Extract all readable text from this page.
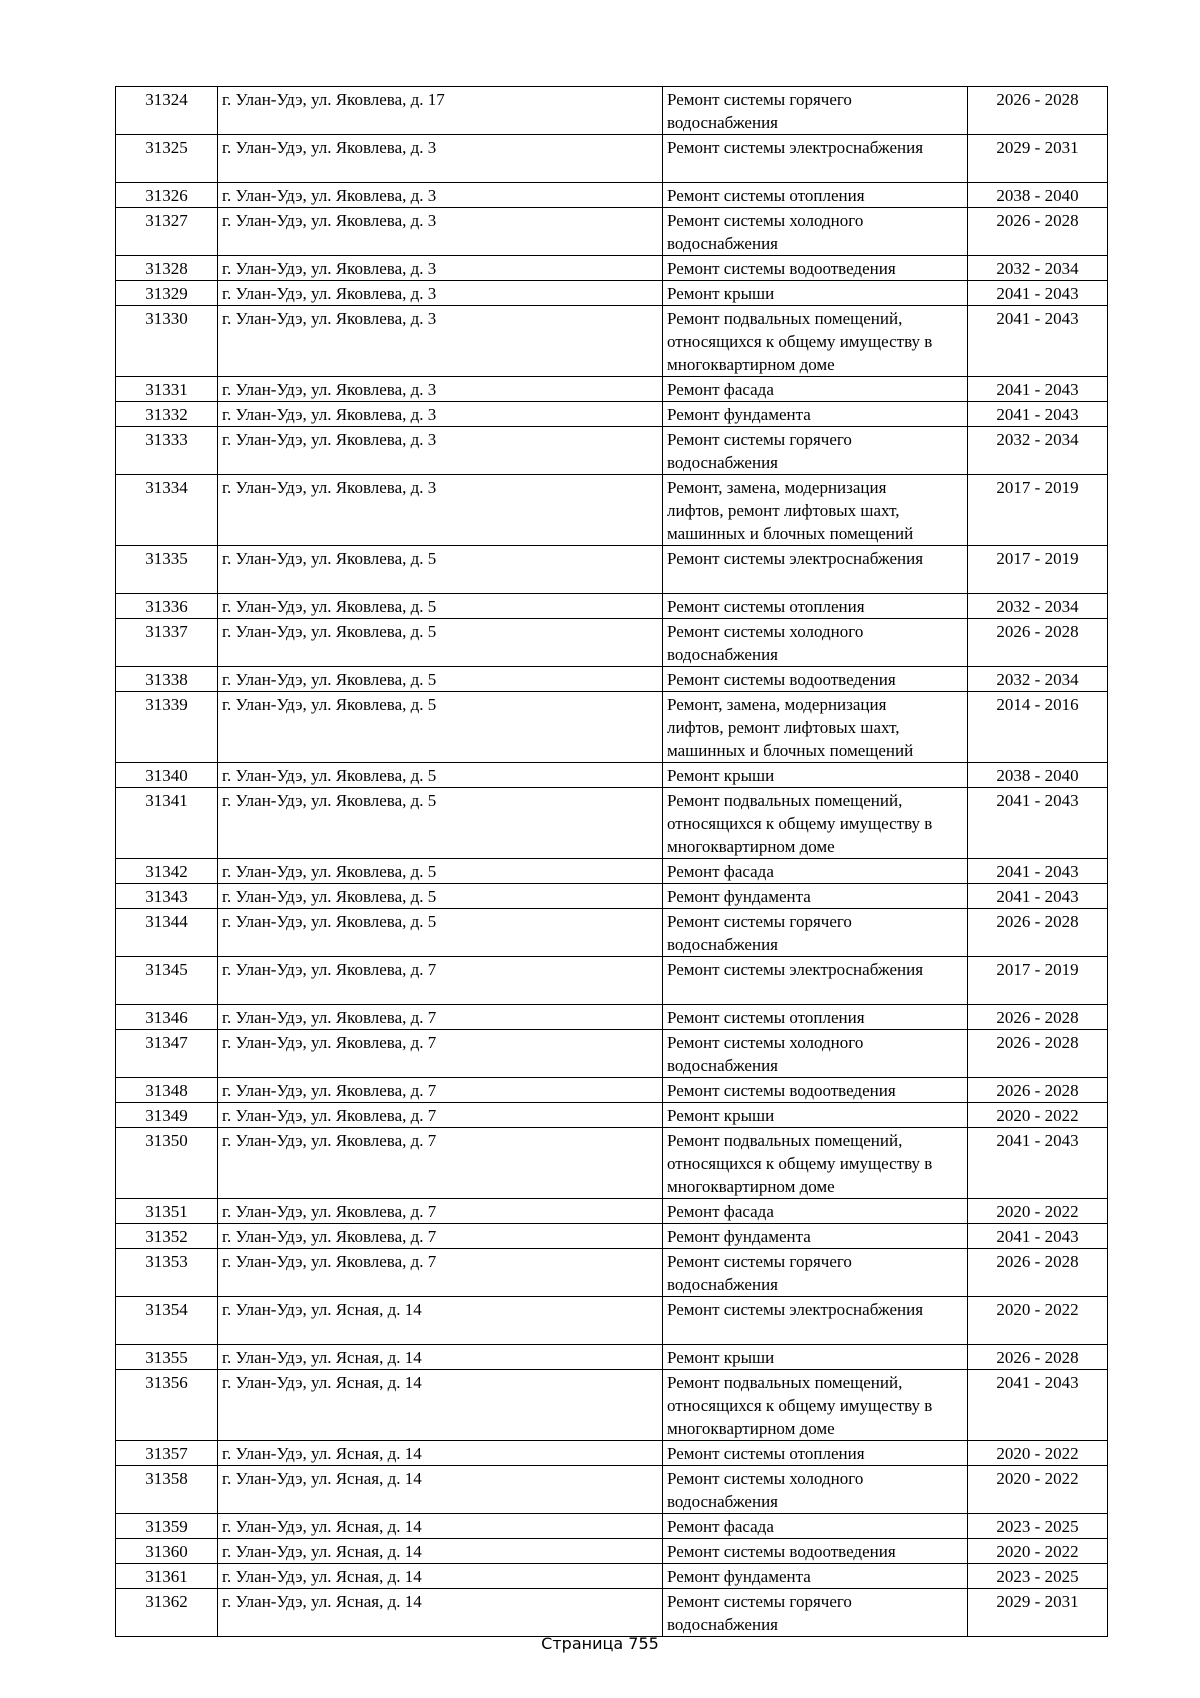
31324	г. Улан-Удэ, ул. Яковлева, д. 17	Ремонт системы горячего
водоснабжения	2026 - 2028
31325	г. Улан-Удэ, ул. Яковлева, д. 3	Ремонт системы электроснабжения	2029 - 2031
31326	г. Улан-Удэ, ул. Яковлева, д. 3	Ремонт системы отопления	2038 - 2040
31327	г. Улан-Удэ, ул. Яковлева, д. 3	Ремонт системы холодного
водоснабжения	2026 - 2028
31328	г. Улан-Удэ, ул. Яковлева, д. 3	Ремонт системы водоотведения	2032 - 2034
31329	г. Улан-Удэ, ул. Яковлева, д. 3	Ремонт крыши	2041 - 2043
31330	г. Улан-Удэ, ул. Яковлева, д. 3	Ремонт подвальных помещений,
относящихся к общему имуществу в
многоквартирном доме	2041 - 2043
31331	г. Улан-Удэ, ул. Яковлева, д. 3	Ремонт фасада	2041 - 2043
31332	г. Улан-Удэ, ул. Яковлева, д. 3	Ремонт фундамента	2041 - 2043
31333	г. Улан-Удэ, ул. Яковлева, д. 3	Ремонт системы горячего
водоснабжения	2032 - 2034
31334	г. Улан-Удэ, ул. Яковлева, д. 3	Ремонт, замена, модернизация
лифтов, ремонт лифтовых шахт,
машинных и блочных помещений	2017 - 2019
31335	г. Улан-Удэ, ул. Яковлева, д. 5	Ремонт системы электроснабжения	2017 - 2019
31336	г. Улан-Удэ, ул. Яковлева, д. 5	Ремонт системы отопления	2032 - 2034
31337	г. Улан-Удэ, ул. Яковлева, д. 5	Ремонт системы холодного
водоснабжения	2026 - 2028
31338	г. Улан-Удэ, ул. Яковлева, д. 5	Ремонт системы водоотведения	2032 - 2034
31339	г. Улан-Удэ, ул. Яковлева, д. 5	Ремонт, замена, модернизация
лифтов, ремонт лифтовых шахт,
машинных и блочных помещений	2014 - 2016
31340	г. Улан-Удэ, ул. Яковлева, д. 5	Ремонт крыши	2038 - 2040
31341	г. Улан-Удэ, ул. Яковлева, д. 5	Ремонт подвальных помещений,
относящихся к общему имуществу в
многоквартирном доме	2041 - 2043
31342	г. Улан-Удэ, ул. Яковлева, д. 5	Ремонт фасада	2041 - 2043
31343	г. Улан-Удэ, ул. Яковлева, д. 5	Ремонт фундамента	2041 - 2043
31344	г. Улан-Удэ, ул. Яковлева, д. 5	Ремонт системы горячего
водоснабжения	2026 - 2028
31345	г. Улан-Удэ, ул. Яковлева, д. 7	Ремонт системы электроснабжения	2017 - 2019
31346	г. Улан-Удэ, ул. Яковлева, д. 7	Ремонт системы отопления	2026 - 2028
31347	г. Улан-Удэ, ул. Яковлева, д. 7	Ремонт системы холодного
водоснабжения	2026 - 2028
31348	г. Улан-Удэ, ул. Яковлева, д. 7	Ремонт системы водоотведения	2026 - 2028
31349	г. Улан-Удэ, ул. Яковлева, д. 7	Ремонт крыши	2020 - 2022
31350	г. Улан-Удэ, ул. Яковлева, д. 7	Ремонт подвальных помещений,
относящихся к общему имуществу в
многоквартирном доме	2041 - 2043
31351	г. Улан-Удэ, ул. Яковлева, д. 7	Ремонт фасада	2020 - 2022
31352	г. Улан-Удэ, ул. Яковлева, д. 7	Ремонт фундамента	2041 - 2043
31353	г. Улан-Удэ, ул. Яковлева, д. 7	Ремонт системы горячего
водоснабжения	2026 - 2028
31354	г. Улан-Удэ, ул. Ясная, д. 14	Ремонт системы электроснабжения	2020 - 2022
31355	г. Улан-Удэ, ул. Ясная, д. 14	Ремонт крыши	2026 - 2028
31356	г. Улан-Удэ, ул. Ясная, д. 14	Ремонт подвальных помещений,
относящихся к общему имуществу в
многоквартирном доме	2041 - 2043
31357	г. Улан-Удэ, ул. Ясная, д. 14	Ремонт системы отопления	2020 - 2022
31358	г. Улан-Удэ, ул. Ясная, д. 14	Ремонт системы холодного
водоснабжения	2020 - 2022
31359	г. Улан-Удэ, ул. Ясная, д. 14	Ремонт фасада	2023 - 2025
31360	г. Улан-Удэ, ул. Ясная, д. 14	Ремонт системы водоотведения	2020 - 2022
31361	г. Улан-Удэ, ул. Ясная, д. 14	Ремонт фундамента	2023 - 2025
31362	г. Улан-Удэ, ул. Ясная, д. 14	Ремонт системы горячего
водоснабжения	2029 - 2031
Страница 755
